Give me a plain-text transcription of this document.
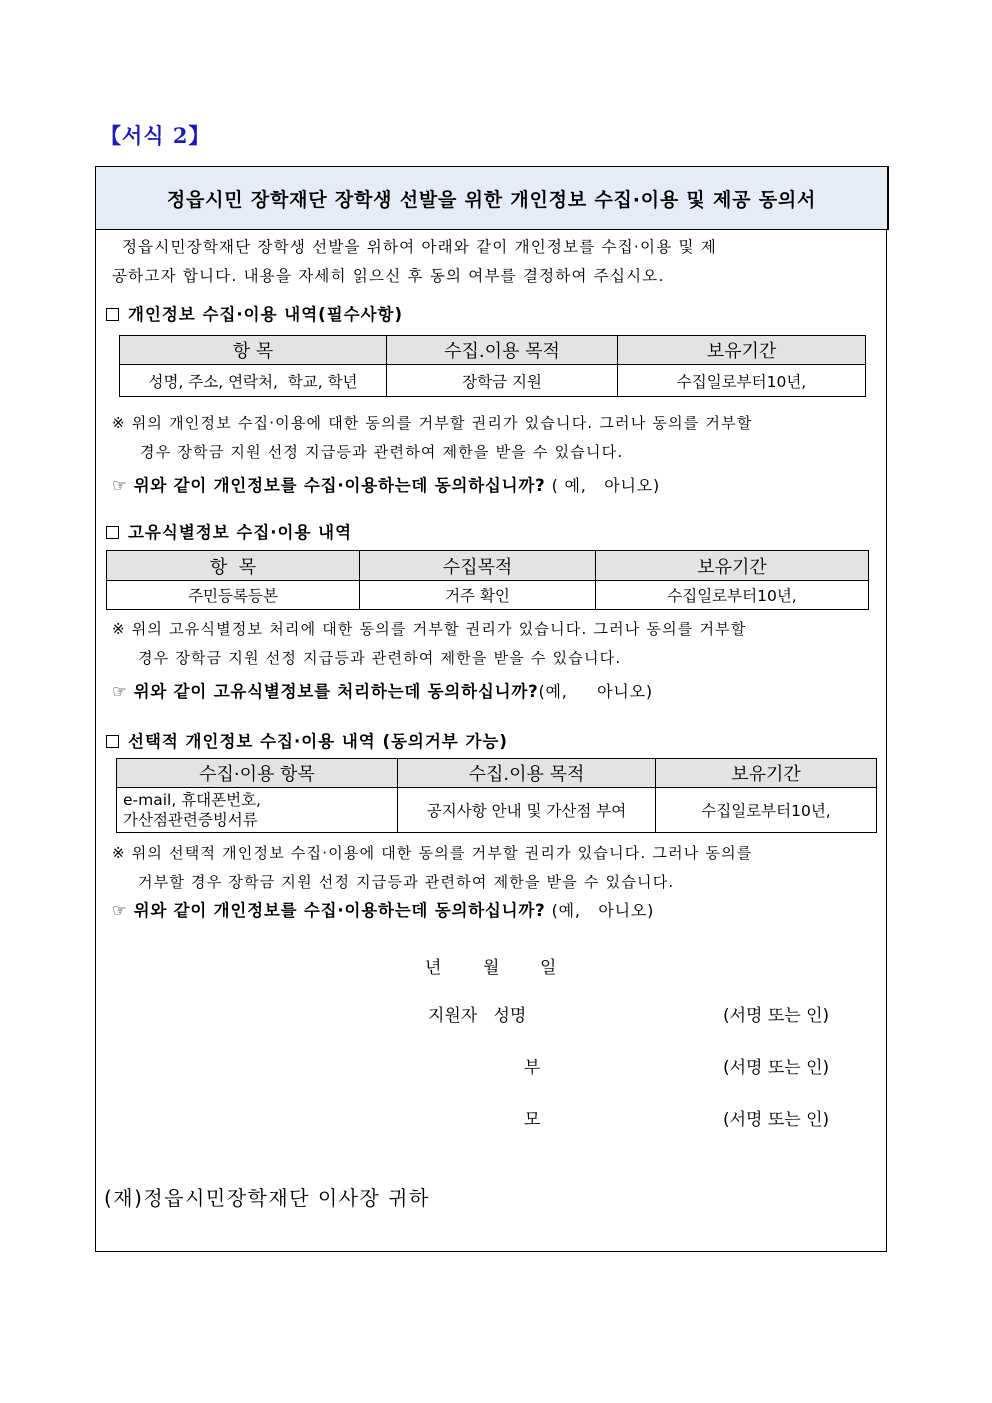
【서식 2】
정읍시민 장학재단 장학생 선발을 위한 개인정보 수집·이용 및 제공 동의서
정읍시민장학재단 장학생 선발을 위하여 아래와 같이 개인정보를 수집·이용 및 제
공하고자 합니다. 내용을 자세히 읽으신 후 동의 여부를 결정하여 주십시오.
개인정보 수집·이용 내역(필수사항)
항 목	수집.이용 목적	보유기간
성명, 주소, 연락처,  학교, 학년	장학금 지원	수집일로부터10년,
※ 위의 개인정보 수집·이용에 대한 동의를 거부할 권리가 있습니다. 그러나 동의를 거부할
경우 장학금 지원 선정 지급등과 관련하여 제한을 받을 수 있습니다.
☞ 위와 같이 개인정보를 수집·이용하는데 동의하십니까? ( 예,   아니오)
고유식별정보 수집·이용 내역
항  목	수집목적	보유기간
주민등록등본	거주 확인	수집일로부터10년,
※ 위의 고유식별정보 처리에 대한 동의를 거부할 권리가 있습니다. 그러나 동의를 거부할
경우 장학금 지원 선정 지급등과 관련하여 제한을 받을 수 있습니다.
☞ 위와 같이 고유식별정보를 처리하는데 동의하십니까?(예,     아니오)
선택적 개인정보 수집·이용 내역 (동의거부 가능)
수집·이용 항목	수집.이용 목적	보유기간

e-mail, 휴대폰번호,
가산점관련증빙서류	공지사항 안내 및 가산점 부여	수집일로부터10년,
※ 위의 선택적 개인정보 수집·이용에 대한 동의를 거부할 권리가 있습니다. 그러나 동의를
거부할 경우 장학금 지원 선정 지급등과 관련하여 제한을 받을 수 있습니다.
☞ 위와 같이 개인정보를 수집·이용하는데 동의하십니까? (예,   아니오)
년 월 일
지원자   성명	(서명 또는 인)
부	(서명 또는 인)
모	(서명 또는 인)
(재)정읍시민장학재단 이사장 귀하
